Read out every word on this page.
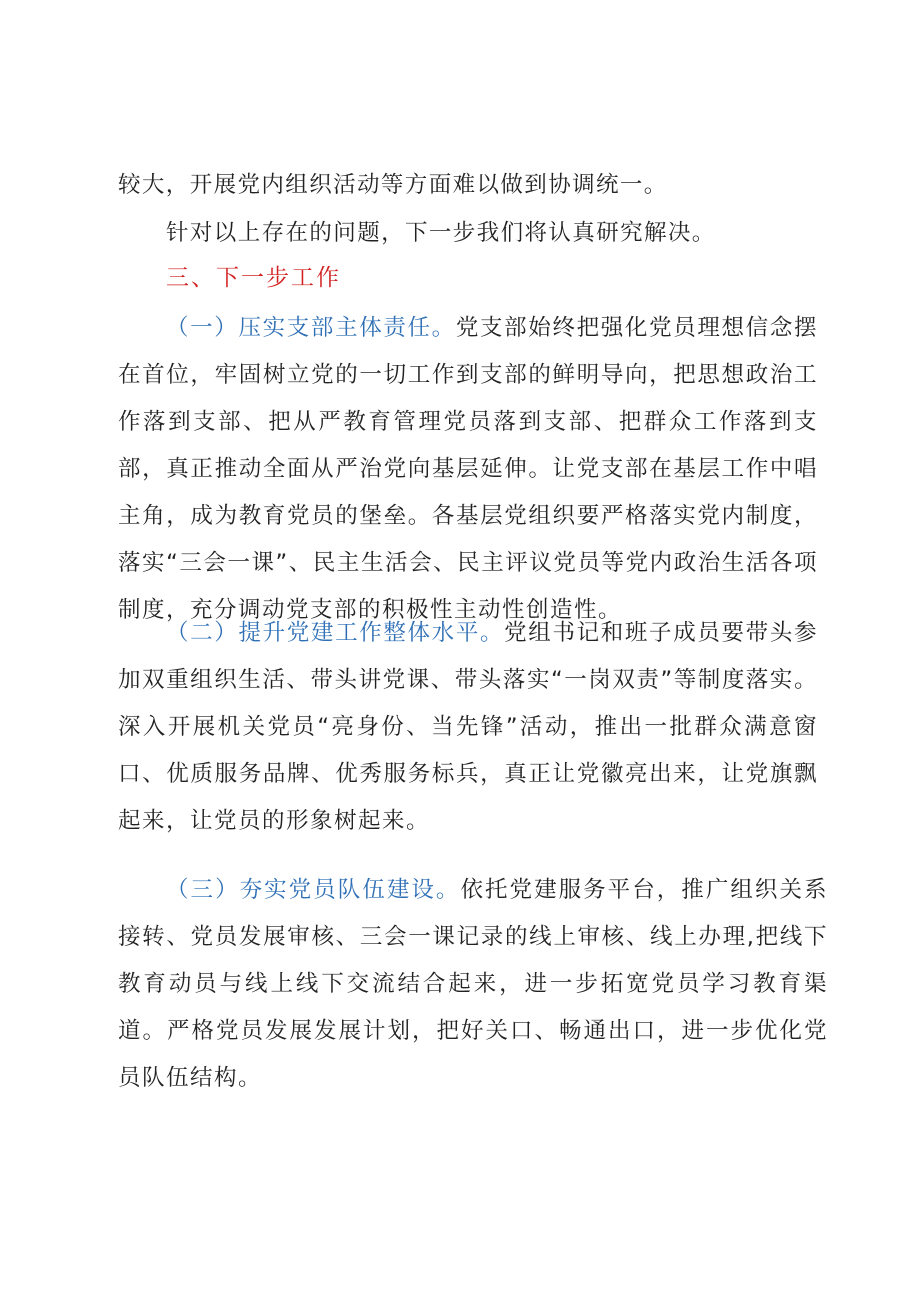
较大，开展党内组织活动等方面难以做到协调统一。
针对以上存在的问题，下一步我们将认真研究解决。
三、下一步工作
（一）压实支部主体责任。党支部始终把强化党员理想信念摆在首位，牢固树立党的一切工作到支部的鲜明导向，把思想政治工作落到支部、把从严教育管理党员落到支部、把群众工作落到支部，真正推动全面从严治党向基层延伸。让党支部在基层工作中唱主角，成为教育党员的堡垒。各基层党组织要严格落实党内制度，落实“三会一课”、民主生活会、民主评议党员等党内政治生活各项制度，充分调动党支部的积极性主动性创造性。
（二）提升党建工作整体水平。党组书记和班子成员要带头参加双重组织生活、带头讲党课、带头落实“一岗双责”等制度落实。深入开展机关党员“亮身份、当先锋”活动，推出一批群众满意窗口、优质服务品牌、优秀服务标兵，真正让党徽亮出来，让党旗飘起来，让党员的形象树起来。
（三）夯实党员队伍建设。依托党建服务平台，推广组织关系接转、党员发展审核、三会一课记录的线上审核、线上办理,把线下教育动员与线上线下交流结合起来，进一步拓宽党员学习教育渠道。严格党员发展发展计划，把好关口、畅通出口，进一步优化党员队伍结构。
